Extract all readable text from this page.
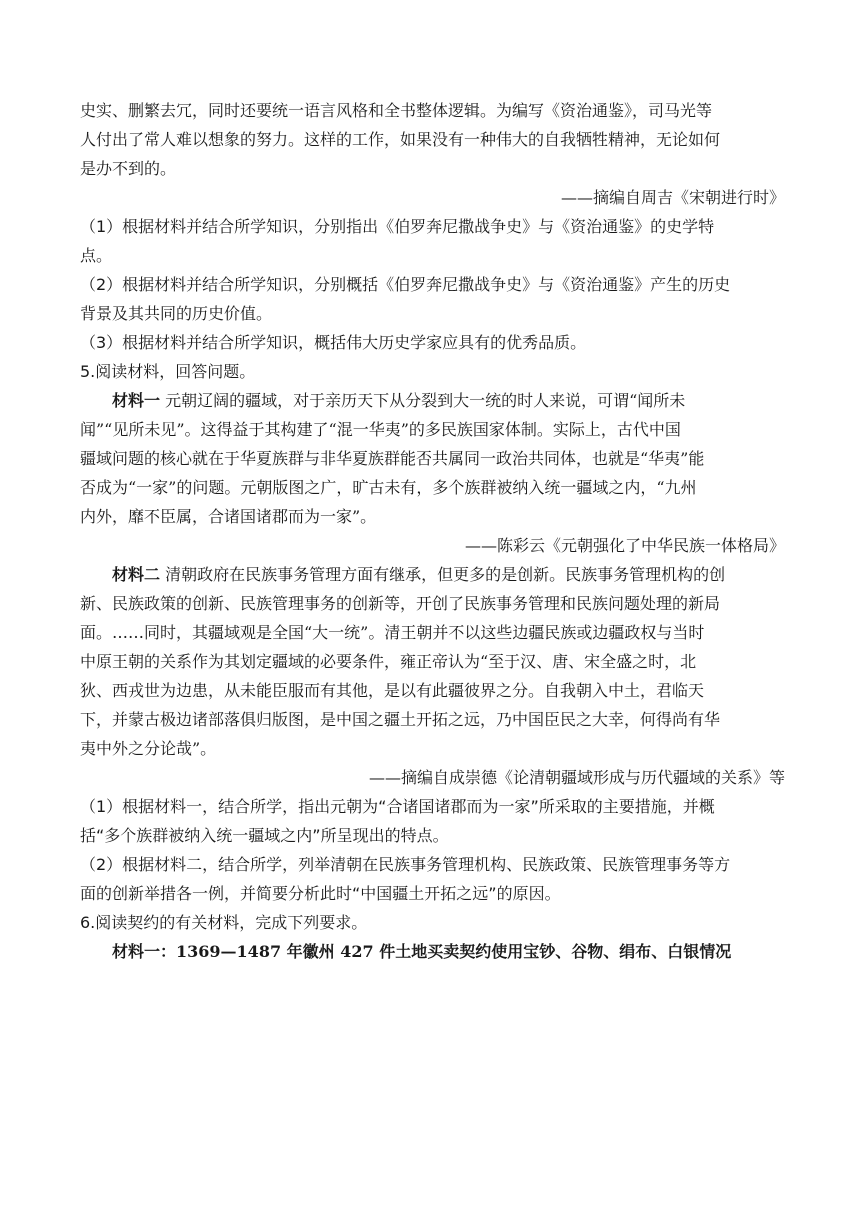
史实、删繁去冗，同时还要统一语言风格和全书整体逻辑。为编写《资治通鉴》，司马光等

人付出了常人难以想象的努力。这样的工作，如果没有一种伟大的自我牺牲精神，无论如何

是办不到的。

——摘编自周吉《宋朝进行时》

（1）根据材料并结合所学知识，分别指出《伯罗奔尼撒战争史》与《资治通鉴》的史学特

点。

（2）根据材料并结合所学知识，分别概括《伯罗奔尼撒战争史》与《资治通鉴》产生的历史

背景及其共同的历史价值。

（3）根据材料并结合所学知识，概括伟大历史学家应具有的优秀品质。

5.阅读材料，回答问题。

材料一 元朝辽阔的疆域，对于亲历天下从分裂到大一统的时人来说，可谓“闻所未

闻”“见所未见”。这得益于其构建了“混一华夷”的多民族国家体制。实际上，古代中国

疆域问题的核心就在于华夏族群与非华夏族群能否共属同一政治共同体，也就是“华夷”能

否成为“一家”的问题。元朝版图之广，旷古未有，多个族群被纳入统一疆域之内，“九州

内外，靡不臣属，合诸国诸郡而为一家”。

——陈彩云《元朝强化了中华民族一体格局》

材料二 清朝政府在民族事务管理方面有继承，但更多的是创新。民族事务管理机构的创

新、民族政策的创新、民族管理事务的创新等，开创了民族事务管理和民族问题处理的新局

面。……同时，其疆域观是全国“大一统”。清王朝并不以这些边疆民族或边疆政权与当时

中原王朝的关系作为其划定疆域的必要条件，雍正帝认为“至于汉、唐、宋全盛之时，北

狄、西戎世为边患，从未能臣服而有其他，是以有此疆彼界之分。自我朝入中土，君临天

下，并蒙古极边诸部落俱归版图，是中国之疆土开拓之远，乃中国臣民之大幸，何得尚有华

夷中外之分论哉”。

——摘编自成崇德《论清朝疆域形成与历代疆域的关系》等

（1）根据材料一，结合所学，指出元朝为“合诸国诸郡而为一家”所采取的主要措施，并概

括“多个族群被纳入统一疆域之内”所呈现出的特点。

（2）根据材料二，结合所学，列举清朝在民族事务管理机构、民族政策、民族管理事务等方

面的创新举措各一例，并简要分析此时“中国疆土开拓之远”的原因。

6.阅读契约的有关材料，完成下列要求。

材料一：1369—1487 年徽州 427 件土地买卖契约使用宝钞、谷物、绢布、白银情况
